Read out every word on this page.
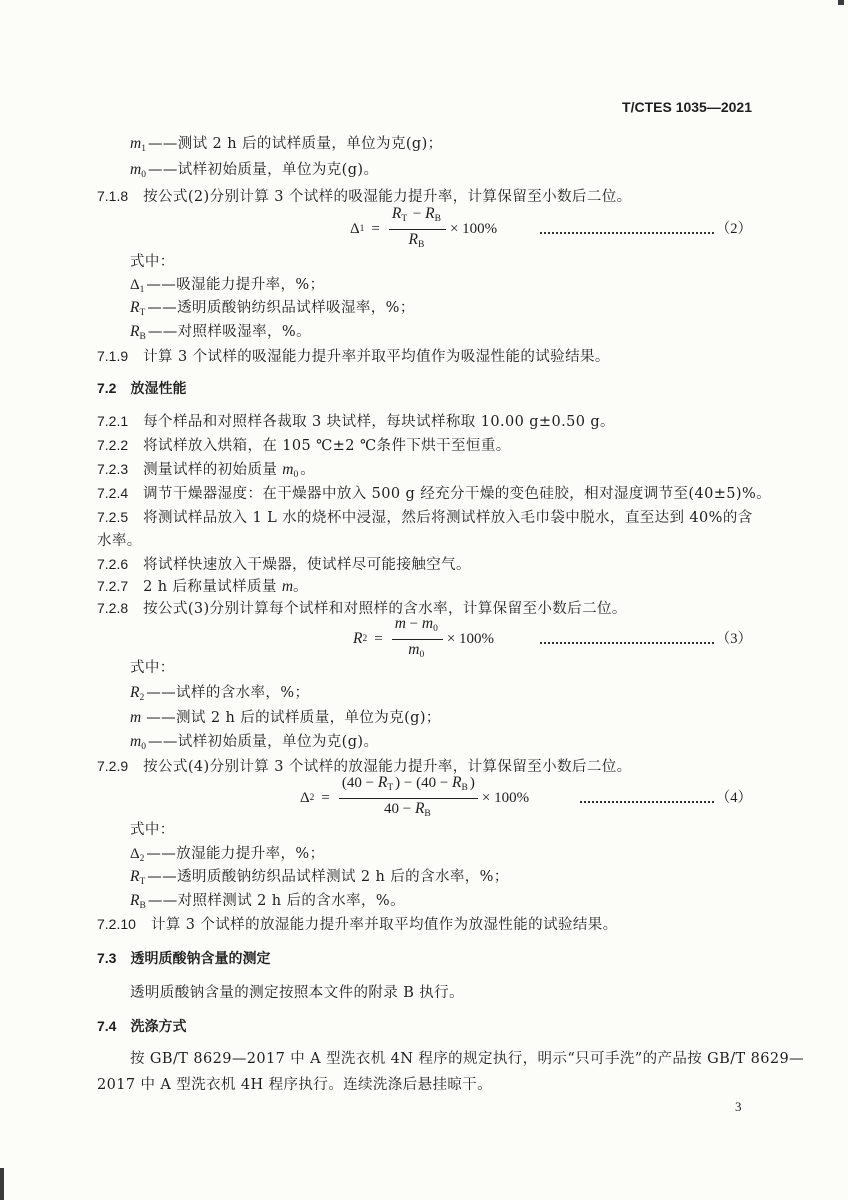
T/CTES 1035—2021
$m_1$ ——测试 2 h 后的试样质量，单位为克(g)；
$m_0$ ——试样初始质量，单位为克(g)。
7.1.8 按公式(2)分别计算 3 个试样的吸湿能力提升率，计算保留至小数后二位。
Δ $1 = \frac{R_T - R_B}{R_B} \times 100\%$	（2）
式中：
$\Delta_1$ ——吸湿能力提升率，%；
$R_T$ ——透明质酸钠纺织品试样吸湿率，%；
$R_B$ ——对照样吸湿率，%。
7.1.9 计算 3 个试样的吸湿能力提升率并取平均值作为吸湿性能的试验结果。
7.2 放湿性能
7.2.1 每个样品和对照样各裁取 3 块试样，每块试样称取 10.00 g±0.50 g。
7.2.2 将试样放入烘箱，在 105 ℃±2 ℃条件下烘干至恒重。
7.2.3 测量试样的初始质量 $m_0$ 。
7.2.4 调节干燥器湿度：在干燥器中放入 500 g 经充分干燥的变色硅胶，相对湿度调节至(40±5)%。
7.2.5 将测试样品放入 1 L 水的烧杯中浸湿，然后将测试样放入毛巾袋中脱水，直至达到 40%的含
水率。
7.2.6 将试样快速放入干燥器，使试样尽可能接触空气。
7.2.7 2 h 后称量试样质量 m。
7.2.8 按公式(3)分别计算每个试样和对照样的含水率，计算保留至小数后二位。
R $2 = \frac{m - m_0}{m_0} \times 100\%$	（3）
式中：
$R_2$ ——试样的含水率，%；
m ——测试 2 h 后的试样质量，单位为克(g)；
$m_0$ ——试样初始质量，单位为克(g)。
7.2.9 按公式(4)分别计算 3 个试样的放湿能力提升率，计算保留至小数后二位。
Δ $2 = \frac{(40 - R_T ) - (40 - R_B )}{40 - R_B} \times 100\%$	（4）
式中：
$\Delta_2$ ——放湿能力提升率，%；
$R_T$ ——透明质酸钠纺织品试样测试 2 h 后的含水率，%；
$R_B$ ——对照样测试 2 h 后的含水率，%。
7.2.10 计算 3 个试样的放湿能力提升率并取平均值作为放湿性能的试验结果。
7.3 透明质酸钠含量的测定
透明质酸钠含量的测定按照本文件的附录 B 执行。
7.4 洗涤方式
按 GB/T 8629—2017 中 A 型洗衣机 4N 程序的规定执行，明示“只可手洗”的产品按 GB/T 8629—
2017 中 A 型洗衣机 4H 程序执行。连续洗涤后悬挂晾干。
3
